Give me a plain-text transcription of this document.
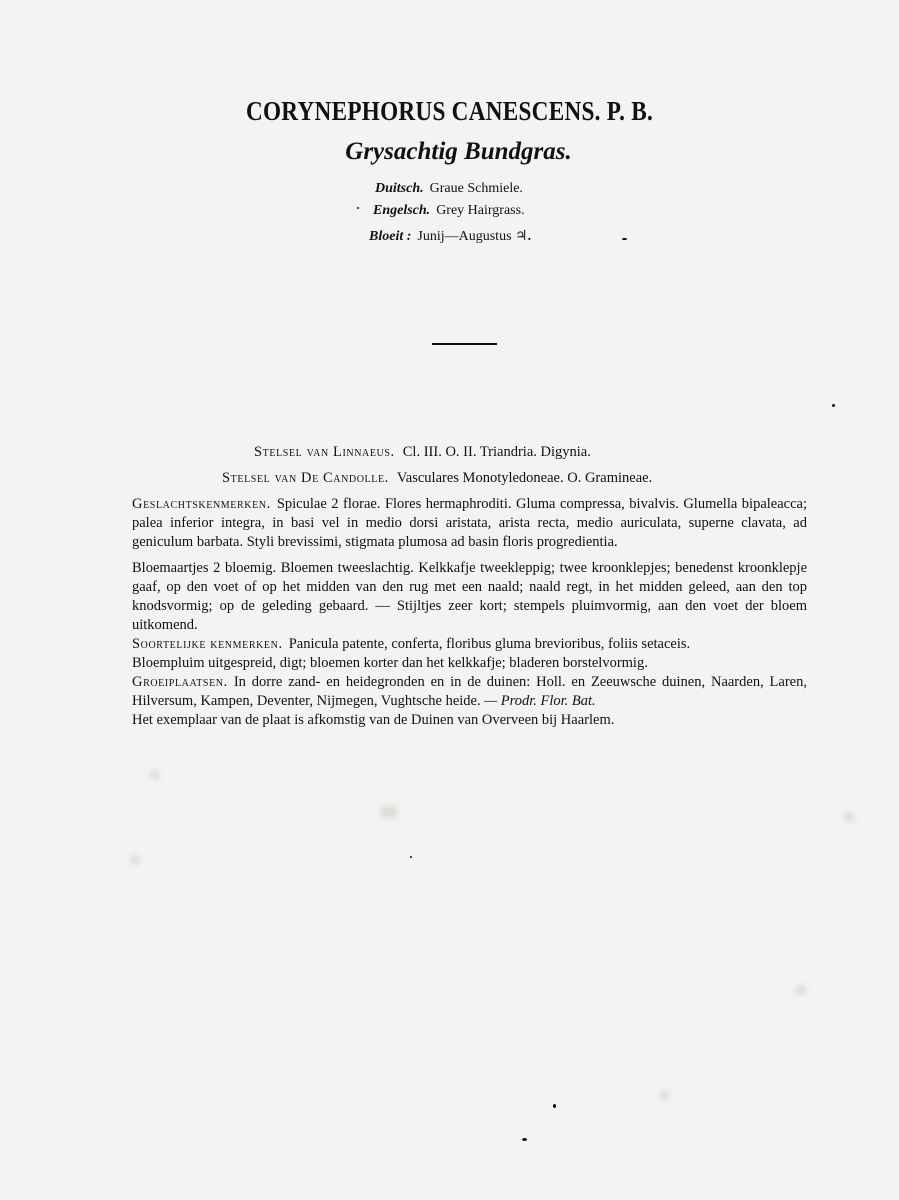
CORYNEPHORUS CANESCENS. P. B.
Grysachtig Bundgras.
Duitsch. Graue Schmiele.
Engelsch. Grey Hairgrass.
Bloeit : Junij—Augustus ♃.
Stelsel van Linnaeus. Cl. III. O. II. Triandria. Digynia.
Stelsel van De Candolle. Vasculares Monotyledoneae. O. Gramineae.

Geslachtskenmerken. Spiculae 2 florae. Flores hermaphroditi. Gluma compressa, bivalvis. Glumella bipaleacca; palea inferior integra, in basi vel in medio dorsi aristata, arista recta, medio auriculata, superne clavata, ad geniculum barbata. Styli brevissimi, stigmata plumosa ad basin floris progredientia.

Bloemaartjes 2 bloemig. Bloemen tweeslachtig. Kelkkafje tweekleppig; twee kroonklepjes; benedenst kroonklepje gaaf, op den voet of op het midden van den rug met een naald; naald regt, in het midden geleed, aan den top knodsvormig; op de geleding gebaard. — Stijltjes zeer kort; stempels pluimvormig, aan den voet der bloem uitkomend.

Soortelijke kenmerken. Panicula patente, conferta, floribus gluma brevioribus, foliis setaceis.

Bloempluim uitgespreid, digt; bloemen korter dan het kelkkafje; bladeren borstelvormig.

Groeiplaatsen. In dorre zand- en heidegronden en in de duinen: Holl. en Zeeuwsche duinen, Naarden, Laren, Hilversum, Kampen, Deventer, Nijmegen, Vughtsche heide. — Prodr. Flor. Bat.

Het exemplaar van de plaat is afkomstig van de Duinen van Overveen bij Haarlem.
